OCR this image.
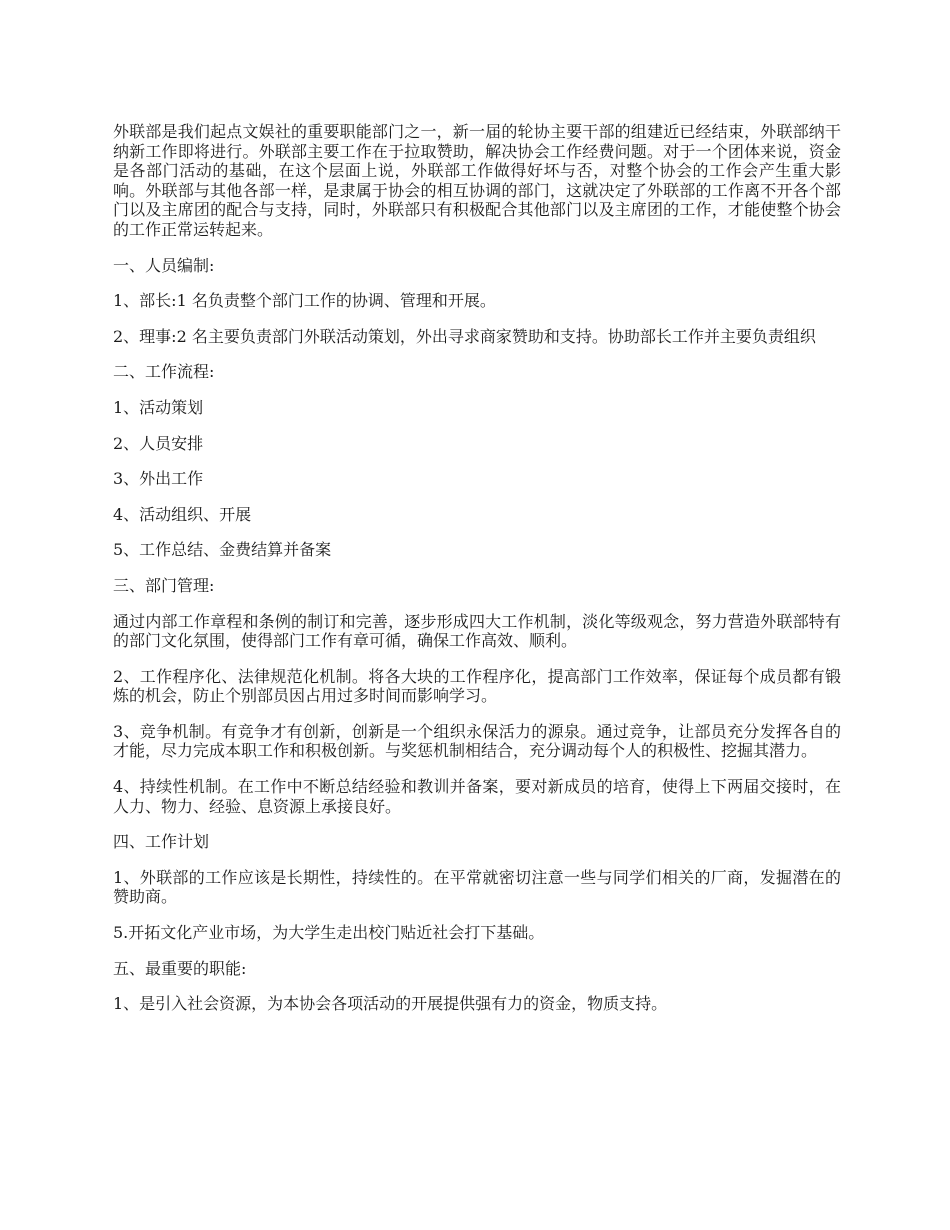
外联部是我们起点文娱社的重要职能部门之一，新一届的轮协主要干部的组建近已经结束，外联部纳干纳新工作即将进行。外联部主要工作在于拉取赞助，解决协会工作经费问题。对于一个团体来说，资金是各部门活动的基础，在这个层面上说，外联部工作做得好坏与否，对整个协会的工作会产生重大影响。外联部与其他各部一样，是隶属于协会的相互协调的部门，这就决定了外联部的工作离不开各个部门以及主席团的配合与支持，同时，外联部只有积极配合其他部门以及主席团的工作，才能使整个协会的工作正常运转起来。

一、人员编制:

1、部长:1 名负责整个部门工作的协调、管理和开展。

2、理事:2 名主要负责部门外联活动策划，外出寻求商家赞助和支持。协助部长工作并主要负责组织

二、工作流程:

1、活动策划

2、人员安排

3、外出工作

4、活动组织、开展

5、工作总结、金费结算并备案

三、部门管理:

通过内部工作章程和条例的制订和完善，逐步形成四大工作机制，淡化等级观念，努力营造外联部特有的部门文化氛围，使得部门工作有章可循，确保工作高效、顺利。

2、工作程序化、法律规范化机制。将各大块的工作程序化，提高部门工作效率，保证每个成员都有锻炼的机会，防止个别部员因占用过多时间而影响学习。

3、竞争机制。有竞争才有创新，创新是一个组织永保活力的源泉。通过竞争，让部员充分发挥各自的才能，尽力完成本职工作和积极创新。与奖惩机制相结合，充分调动每个人的积极性、挖掘其潜力。

4、持续性机制。在工作中不断总结经验和教训并备案，要对新成员的培育，使得上下两届交接时，在人力、物力、经验、息资源上承接良好。

四、工作计划

1、外联部的工作应该是长期性，持续性的。在平常就密切注意一些与同学们相关的厂商，发掘潜在的赞助商。

5.开拓文化产业市场，为大学生走出校门贴近社会打下基础。

五、最重要的职能:

1、是引入社会资源，为本协会各项活动的开展提供强有力的资金，物质支持。
